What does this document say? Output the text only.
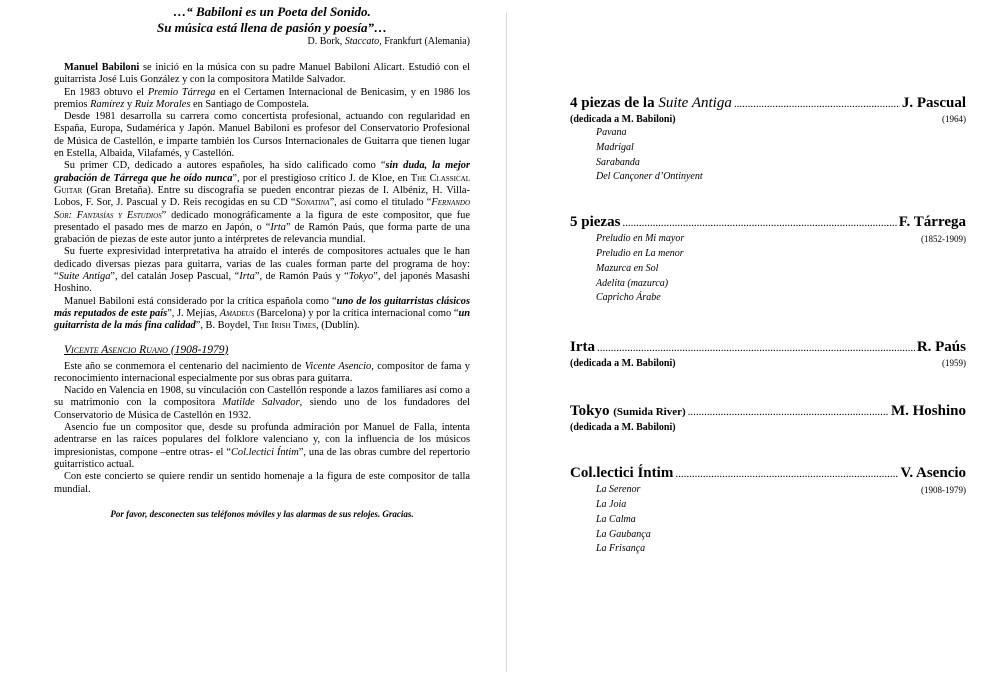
…“ Babiloni es un Poeta del Sonido.
Su música está llena de pasión y poesía”…
D. Bork, Staccato, Frankfurt (Alemania)

Manuel Babiloni se inició en la música con su padre Manuel Babiloni Alicart. Estudió con el guitarrista José Luis González y con la compositora Matilde Salvador.

En 1983 obtuvo el Premio Tárrega en el Certamen Internacional de Benicasim, y en 1986 los premios Ramírez y Ruiz Morales en Santiago de Compostela.

Desde 1981 desarrolla su carrera como concertista profesional, actuando con regularidad en España, Europa, Sudamérica y Japón. Manuel Babiloni es profesor del Conservatorio Profesional de Música de Castellón, e imparte también los Cursos Internacionales de Guitarra que tienen lugar en Estella, Albaida, Vilafamés, y Castellón.

Su primer CD, dedicado a autores españoles, ha sido calificado como “sin duda, la mejor grabación de Tárrega que he oído nunca”, por el prestigioso crítico J. de Kloe, en The Classical Guitar (Gran Bretaña). Entre su discografía se pueden encontrar piezas de I. Albéniz, H. Villa-Lobos, F. Sor, J. Pascual y D. Reis recogidas en su CD “Sonatina”, así como el titulado “Fernando Sor: Fantasías y Estudios” dedicado monográficamente a la figura de este compositor, que fue presentado el pasado mes de marzo en Japón, o “Irta” de Ramón Paús, que forma parte de una grabación de piezas de este autor junto a intérpretes de relevancia mundial.

Su fuerte expresividad interpretativa ha atraído el interés de compositores actuales que le han dedicado diversas piezas para guitarra, varias de las cuales forman parte del programa de hoy: “Suite Antiga”, del catalán Josep Pascual, “Irta”, de Ramón Paús y “Tokyo”, del japonés Masashi Hoshino.

Manuel Babiloni está considerado por la crítica española como “uno de los guitarristas clásicos más reputados de este país”, J. Mejías, Amadeus (Barcelona) y por la crítica internacional como “un guitarrista de la más fina calidad”, B. Boydel, The Irish Times, (Dublín).

Vicente Asencio Ruano (1908-1979)

Este año se conmemora el centenario del nacimiento de Vicente Asencio, compositor de fama y reconocimiento internacional especialmente por sus obras para guitarra.

Nacido en Valencia en 1908, su vinculación con Castellón responde a lazos familiares así como a su matrimonio con la compositora Matilde Salvador, siendo uno de los fundadores del Conservatorio de Música de Castellón en 1932.

Asencio fue un compositor que, desde su profunda admiración por Manuel de Falla, intenta adentrarse en las raíces populares del folklore valenciano y, con la influencia de los músicos impresionistas, compone –entre otras- el “Col.lectici Íntim”, una de las obras cumbre del repertorio guitarrístico actual.

Con este concierto se quiere rendir un sentido homenaje a la figura de este compositor de talla mundial.

Por favor, desconecten sus teléfonos móviles y las alarmas de sus relojes. Gracias.
4 piezas de la Suite Antiga .....	J. Pascual
(dedicada a M. Babiloni)	(1964)
Pavana
Madrigal
Sarabanda
Del Cançoner d’Ontinyent
5 piezas .....	F. Tárrega
Preludio en Mi mayor	(1852-1909)
Preludio en La menor
Mazurca en Sol
Adelita (mazurca)
Capricho Árabe
Irta .....	R. Paús
(dedicada a M. Babiloni)	(1959)
Tokyo (Sumida River) .....	M. Hoshino
(dedicada a M. Babiloni)
Col.lectici Íntim .....	V. Asencio
La Serenor	(1908-1979)
La Joia
La Calma
La Gaubança
La Frisança
